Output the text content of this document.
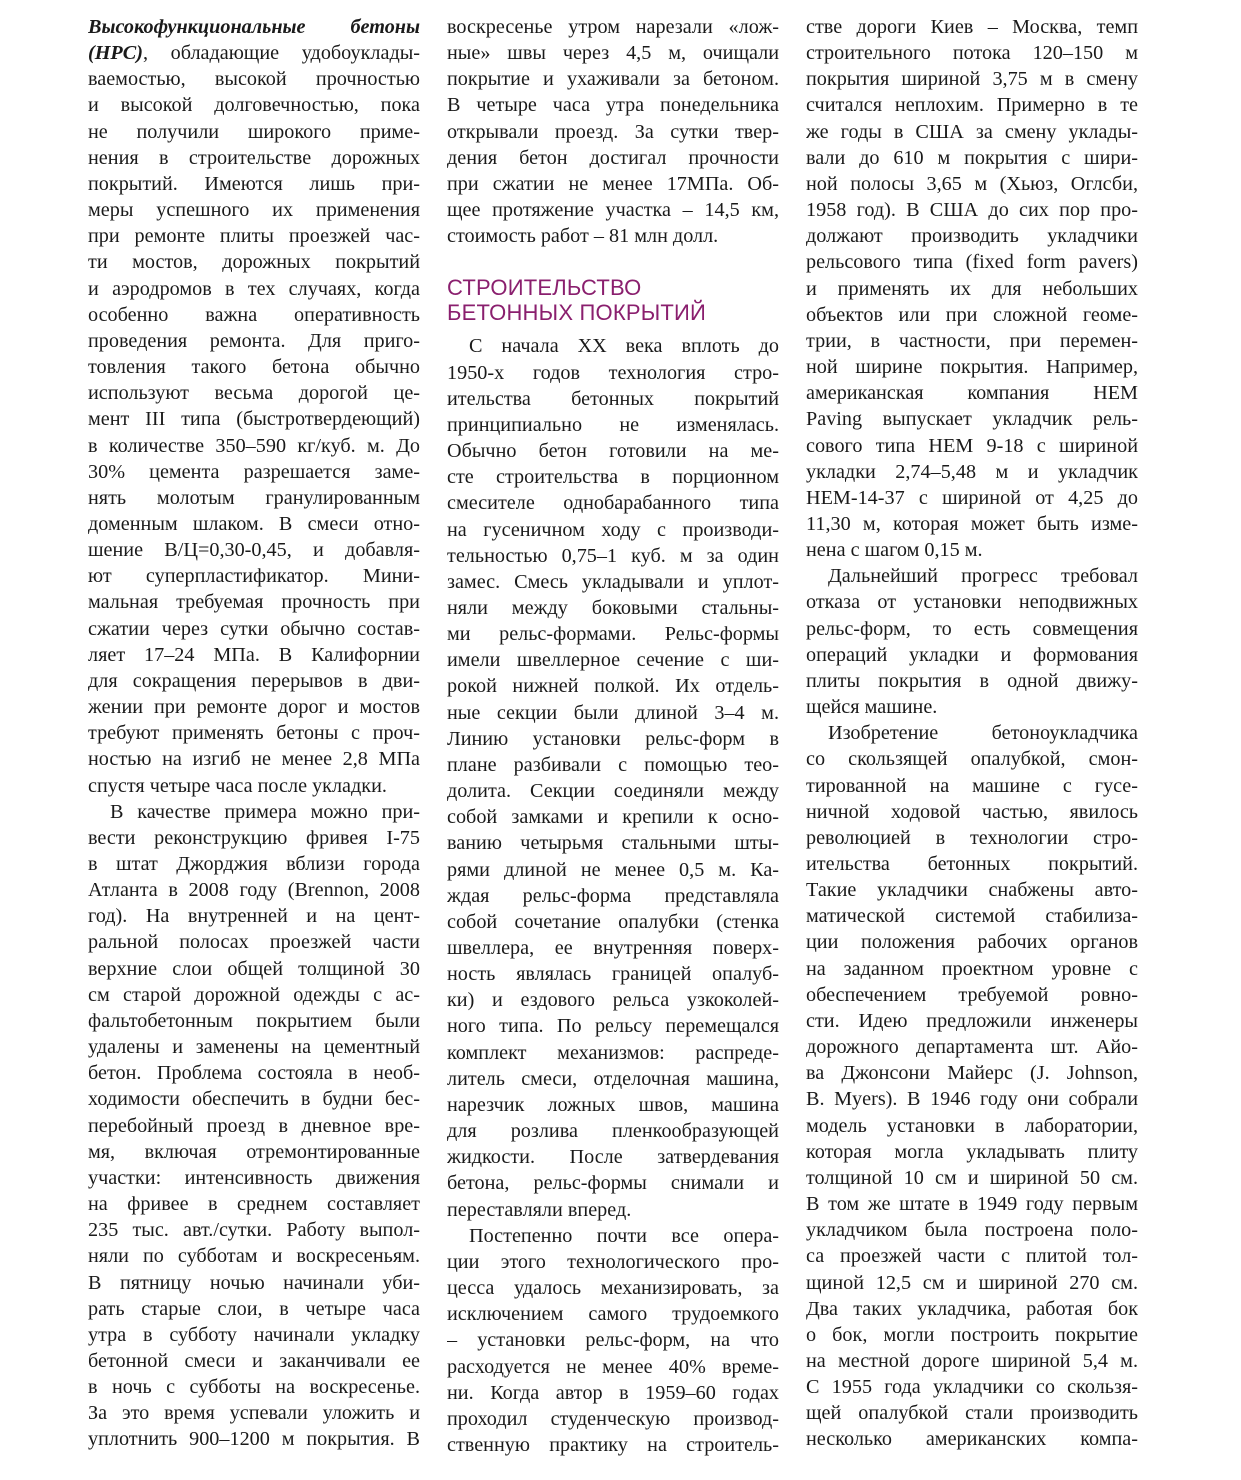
Высокофункциональные бетоны

(HPC), обладающие удобоуклады-

ваемостью, высокой прочностью

и высокой долговечностью, пока

не получили широкого приме-

нения в строительстве дорожных

покрытий. Имеются лишь при-

меры успешного их применения

при ремонте плиты проезжей час-

ти мостов, дорожных покрытий

и аэродромов в тех случаях, когда

особенно важна оперативность

проведения ремонта. Для приго-

товления такого бетона обычно

используют весьма дорогой це-

мент III типа (быстротвердеющий)

в количестве 350–590 кг/куб. м. До

30% цемента разрешается заме-

нять молотым гранулированным

доменным шлаком. В смеси отно-

шение В/Ц=0,30-0,45, и добавля-

ют суперпластификатор. Мини-

мальная требуемая прочность при

сжатии через сутки обычно состав-

ляет 17–24 МПа. В Калифорнии

для сокращения перерывов в дви-

жении при ремонте дорог и мостов

требуют применять бетоны с проч-

ностью на изгиб не менее 2,8 МПа

спустя четыре часа после укладки.

В качестве примера можно при-

вести реконструкцию фривея I-75

в штат Джорджия вблизи города

Атланта в 2008 году (Brennon, 2008

год). На внутренней и на цент-

ральной полосах проезжей части

верхние слои общей толщиной 30

см старой дорожной одежды с ас-

фальтобетонным покрытием были

удалены и заменены на цементный

бетон. Проблема состояла в необ-

ходимости обеспечить в будни бес-

перебойный проезд в дневное вре-

мя, включая отремонтированные

участки: интенсивность движения

на фривее в среднем составляет

235 тыс. авт./сутки. Работу выпол-

няли по субботам и воскресеньям.

В пятницу ночью начинали уби-

рать старые слои, в четыре часа

утра в субботу начинали укладку

бетонной смеси и заканчивали ее

в ночь с субботы на воскресенье.

За это время успевали уложить и

уплотнить 900–1200 м покрытия. В

воскресенье утром нарезали «лож-

ные» швы через 4,5 м, очищали

покрытие и ухаживали за бетоном.

В четыре часа утра понедельника

открывали проезд. За сутки твер-

дения бетон достигал прочности

при сжатии не менее 17МПа. Об-

щее протяжение участка – 14,5 км,

стоимость работ – 81 млн долл.

СТРОИТЕЛЬСТВО
БЕТОННЫХ ПОКРЫТИЙ

С начала XX века вплоть до

1950-х годов технология стро-

ительства бетонных покрытий

принципиально не изменялась.

Обычно бетон готовили на ме-

сте строительства в порционном

смесителе однобарабанного типа

на гусеничном ходу с производи-

тельностью 0,75–1 куб. м за один

замес. Смесь укладывали и уплот-

няли между боковыми стальны-

ми рельс-формами. Рельс-формы

имели швеллерное сечение с ши-

рокой нижней полкой. Их отдель-

ные секции были длиной 3–4 м.

Линию установки рельс-форм в

плане разбивали с помощью тео-

долита. Секции соединяли между

собой замками и крепили к осно-

ванию четырьмя стальными шты-

рями длиной не менее 0,5 м. Ка-

ждая рельс-форма представляла

собой сочетание опалубки (стенка

швеллера, ее внутренняя поверх-

ность являлась границей опалуб-

ки) и ездового рельса узкоколей-

ного типа. По рельсу перемещался

комплект механизмов: распреде-

литель смеси, отделочная машина,

нарезчик ложных швов, машина

для розлива пленкообразующей

жидкости. После затвердевания

бетона, рельс-формы снимали и

переставляли вперед.

Постепенно почти все опера-

ции этого технологического про-

цесса удалось механизировать, за

исключением самого трудоемкого

– установки рельс-форм, на что

расходуется не менее 40% време-

ни. Когда автор в 1959–60 годах

проходил студенческую производ-

ственную практику на строитель-

стве дороги Киев – Москва, темп

строительного потока 120–150 м

покрытия шириной 3,75 м в смену

считался неплохим. Примерно в те

же годы в США за смену уклады-

вали до 610 м покрытия с шири-

ной полосы 3,65 м (Хьюз, Оглсби,

1958 год). В США до сих пор про-

должают производить укладчики

рельсового типа (fixed form pavers)

и применять их для небольших

объектов или при сложной геоме-

трии, в частности, при перемен-

ной ширине покрытия. Например,

американская компания HEM

Paving выпускает укладчик рель-

сового типа HEM 9-18 с шириной

укладки 2,74–5,48 м и укладчик

HEM-14-37 с шириной от 4,25 до

11,30 м, которая может быть изме-

нена с шагом 0,15 м.

Дальнейший прогресс требовал

отказа от установки неподвижных

рельс-форм, то есть совмещения

операций укладки и формования

плиты покрытия в одной движу-

щейся машине.

Изобретение бетоноукладчика

со скользящей опалубкой, смон-

тированной на машине с гусе-

ничной ходовой частью, явилось

революцией в технологии стро-

ительства бетонных покрытий.

Такие укладчики снабжены авто-

матической системой стабилиза-

ции положения рабочих органов

на заданном проектном уровне с

обеспечением требуемой ровно-

сти. Идею предложили инженеры

дорожного департамента шт. Айо-

ва Джонсони Майерс (J. Johnson,

B. Myers). В 1946 году они собрали

модель установки в лаборатории,

которая могла укладывать плиту

толщиной 10 см и шириной 50 см.

В том же штате в 1949 году первым

укладчиком была построена поло-

са проезжей части с плитой тол-

щиной 12,5 см и шириной 270 см.

Два таких укладчика, работая бок

о бок, могли построить покрытие

на местной дороге шириной 5,4 м.

С 1955 года укладчики со скользя-

щей опалубкой стали производить

несколько американских компа-
